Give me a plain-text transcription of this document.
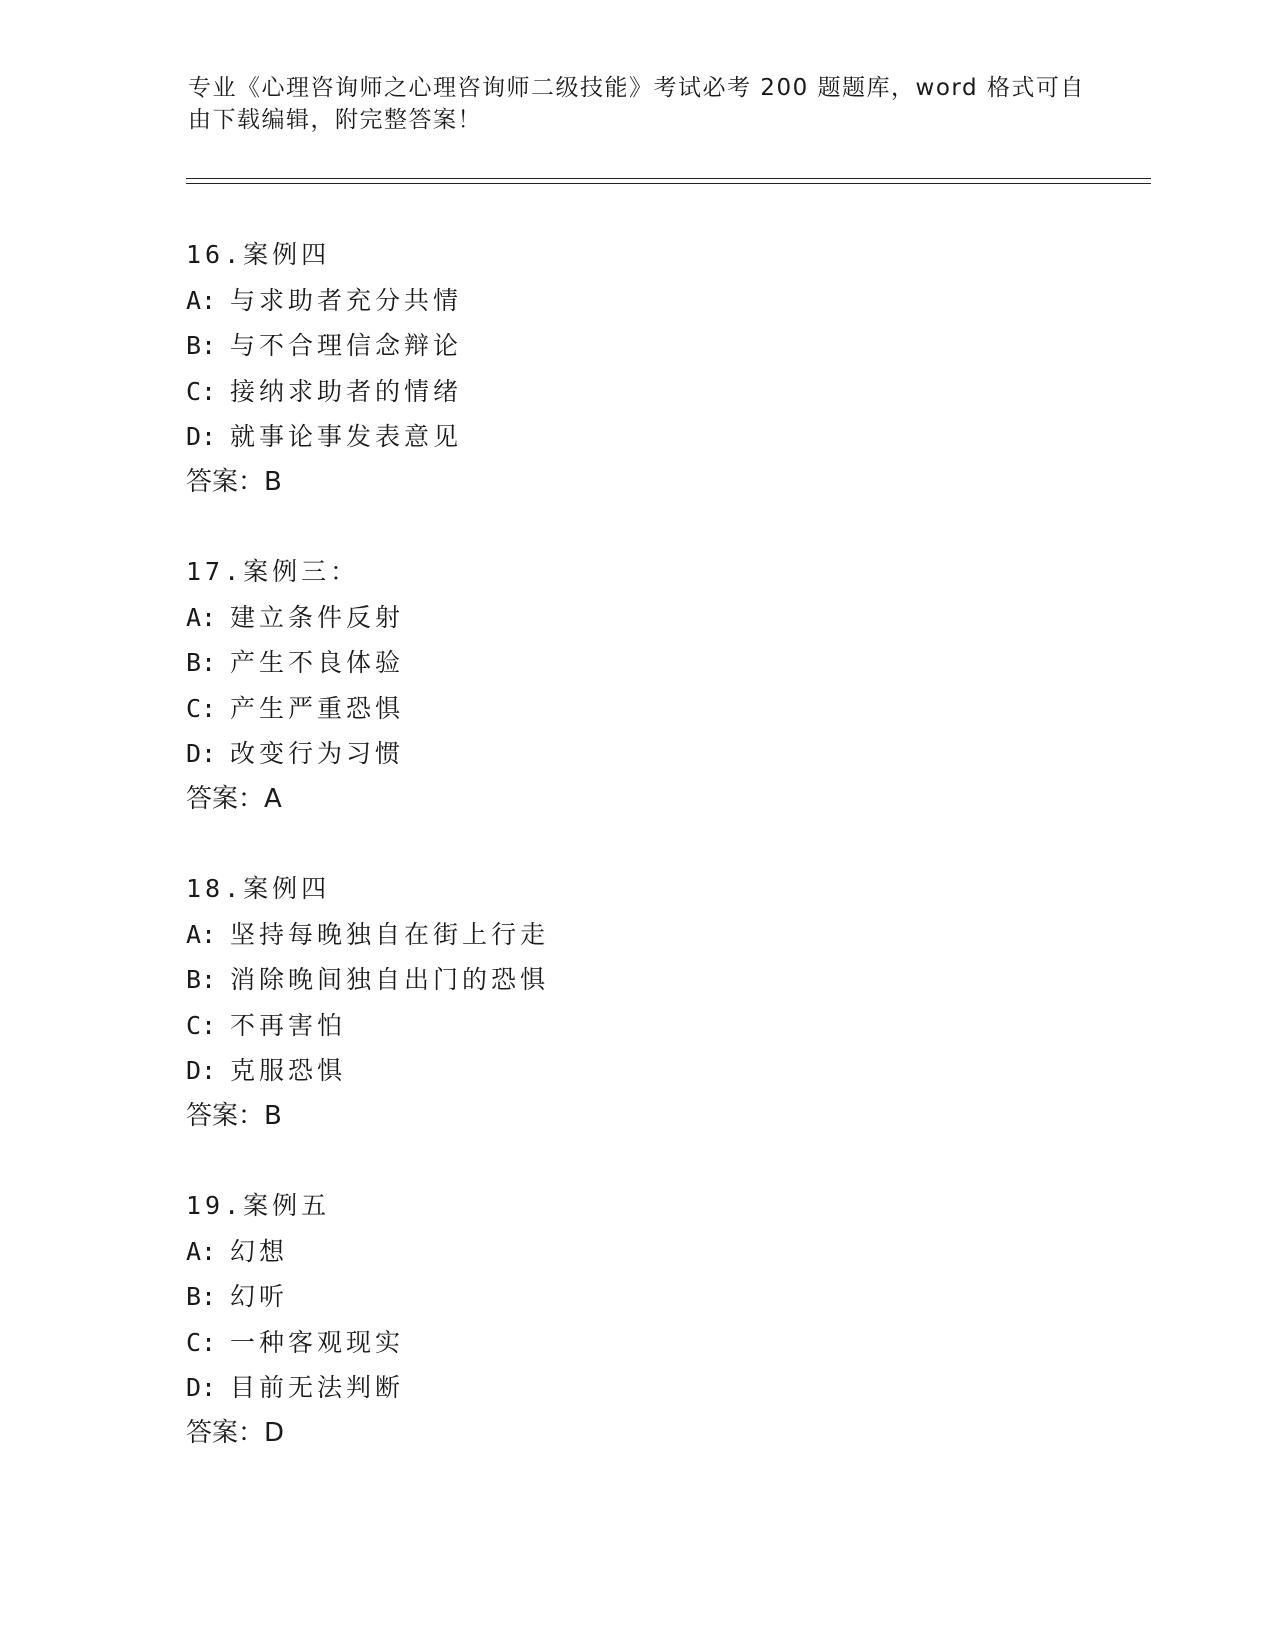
专业《心理咨询师之心理咨询师二级技能》考试必考 200 题题库，word 格式可自
由下载编辑，附完整答案！
16.案例四
A: 与求助者充分共情
B: 与不合理信念辩论
C: 接纳求助者的情绪
D: 就事论事发表意见
答案：B
17.案例三：
A: 建立条件反射
B: 产生不良体验
C: 产生严重恐惧
D: 改变行为习惯
答案：A
18.案例四
A: 坚持每晚独自在街上行走
B: 消除晚间独自出门的恐惧
C: 不再害怕
D: 克服恐惧
答案：B
19.案例五
A: 幻想
B: 幻听
C: 一种客观现实
D: 目前无法判断
答案：D
